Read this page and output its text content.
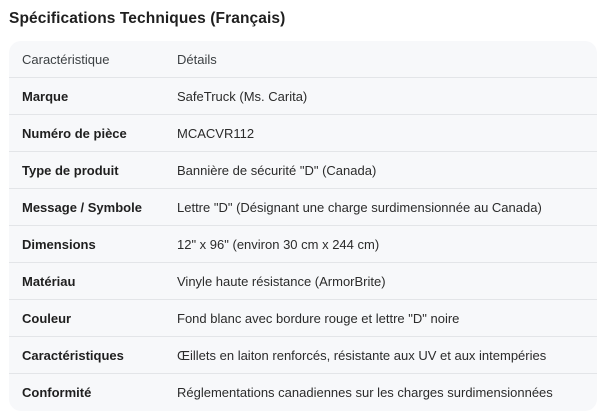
Spécifications Techniques (Français)
Caractéristique	Détails
Marque	SafeTruck (Ms. Carita)
Numéro de pièce	MCACVR112
Type de produit	Bannière de sécurité "D" (Canada)
Message / Symbole	Lettre "D" (Désignant une charge surdimensionnée au Canada)
Dimensions	12" x 96" (environ 30 cm x 244 cm)
Matériau	Vinyle haute résistance (ArmorBrite)
Couleur	Fond blanc avec bordure rouge et lettre "D" noire
Caractéristiques	Œillets en laiton renforcés, résistante aux UV et aux intempéries
Conformité	Réglementations canadiennes sur les charges surdimensionnées
